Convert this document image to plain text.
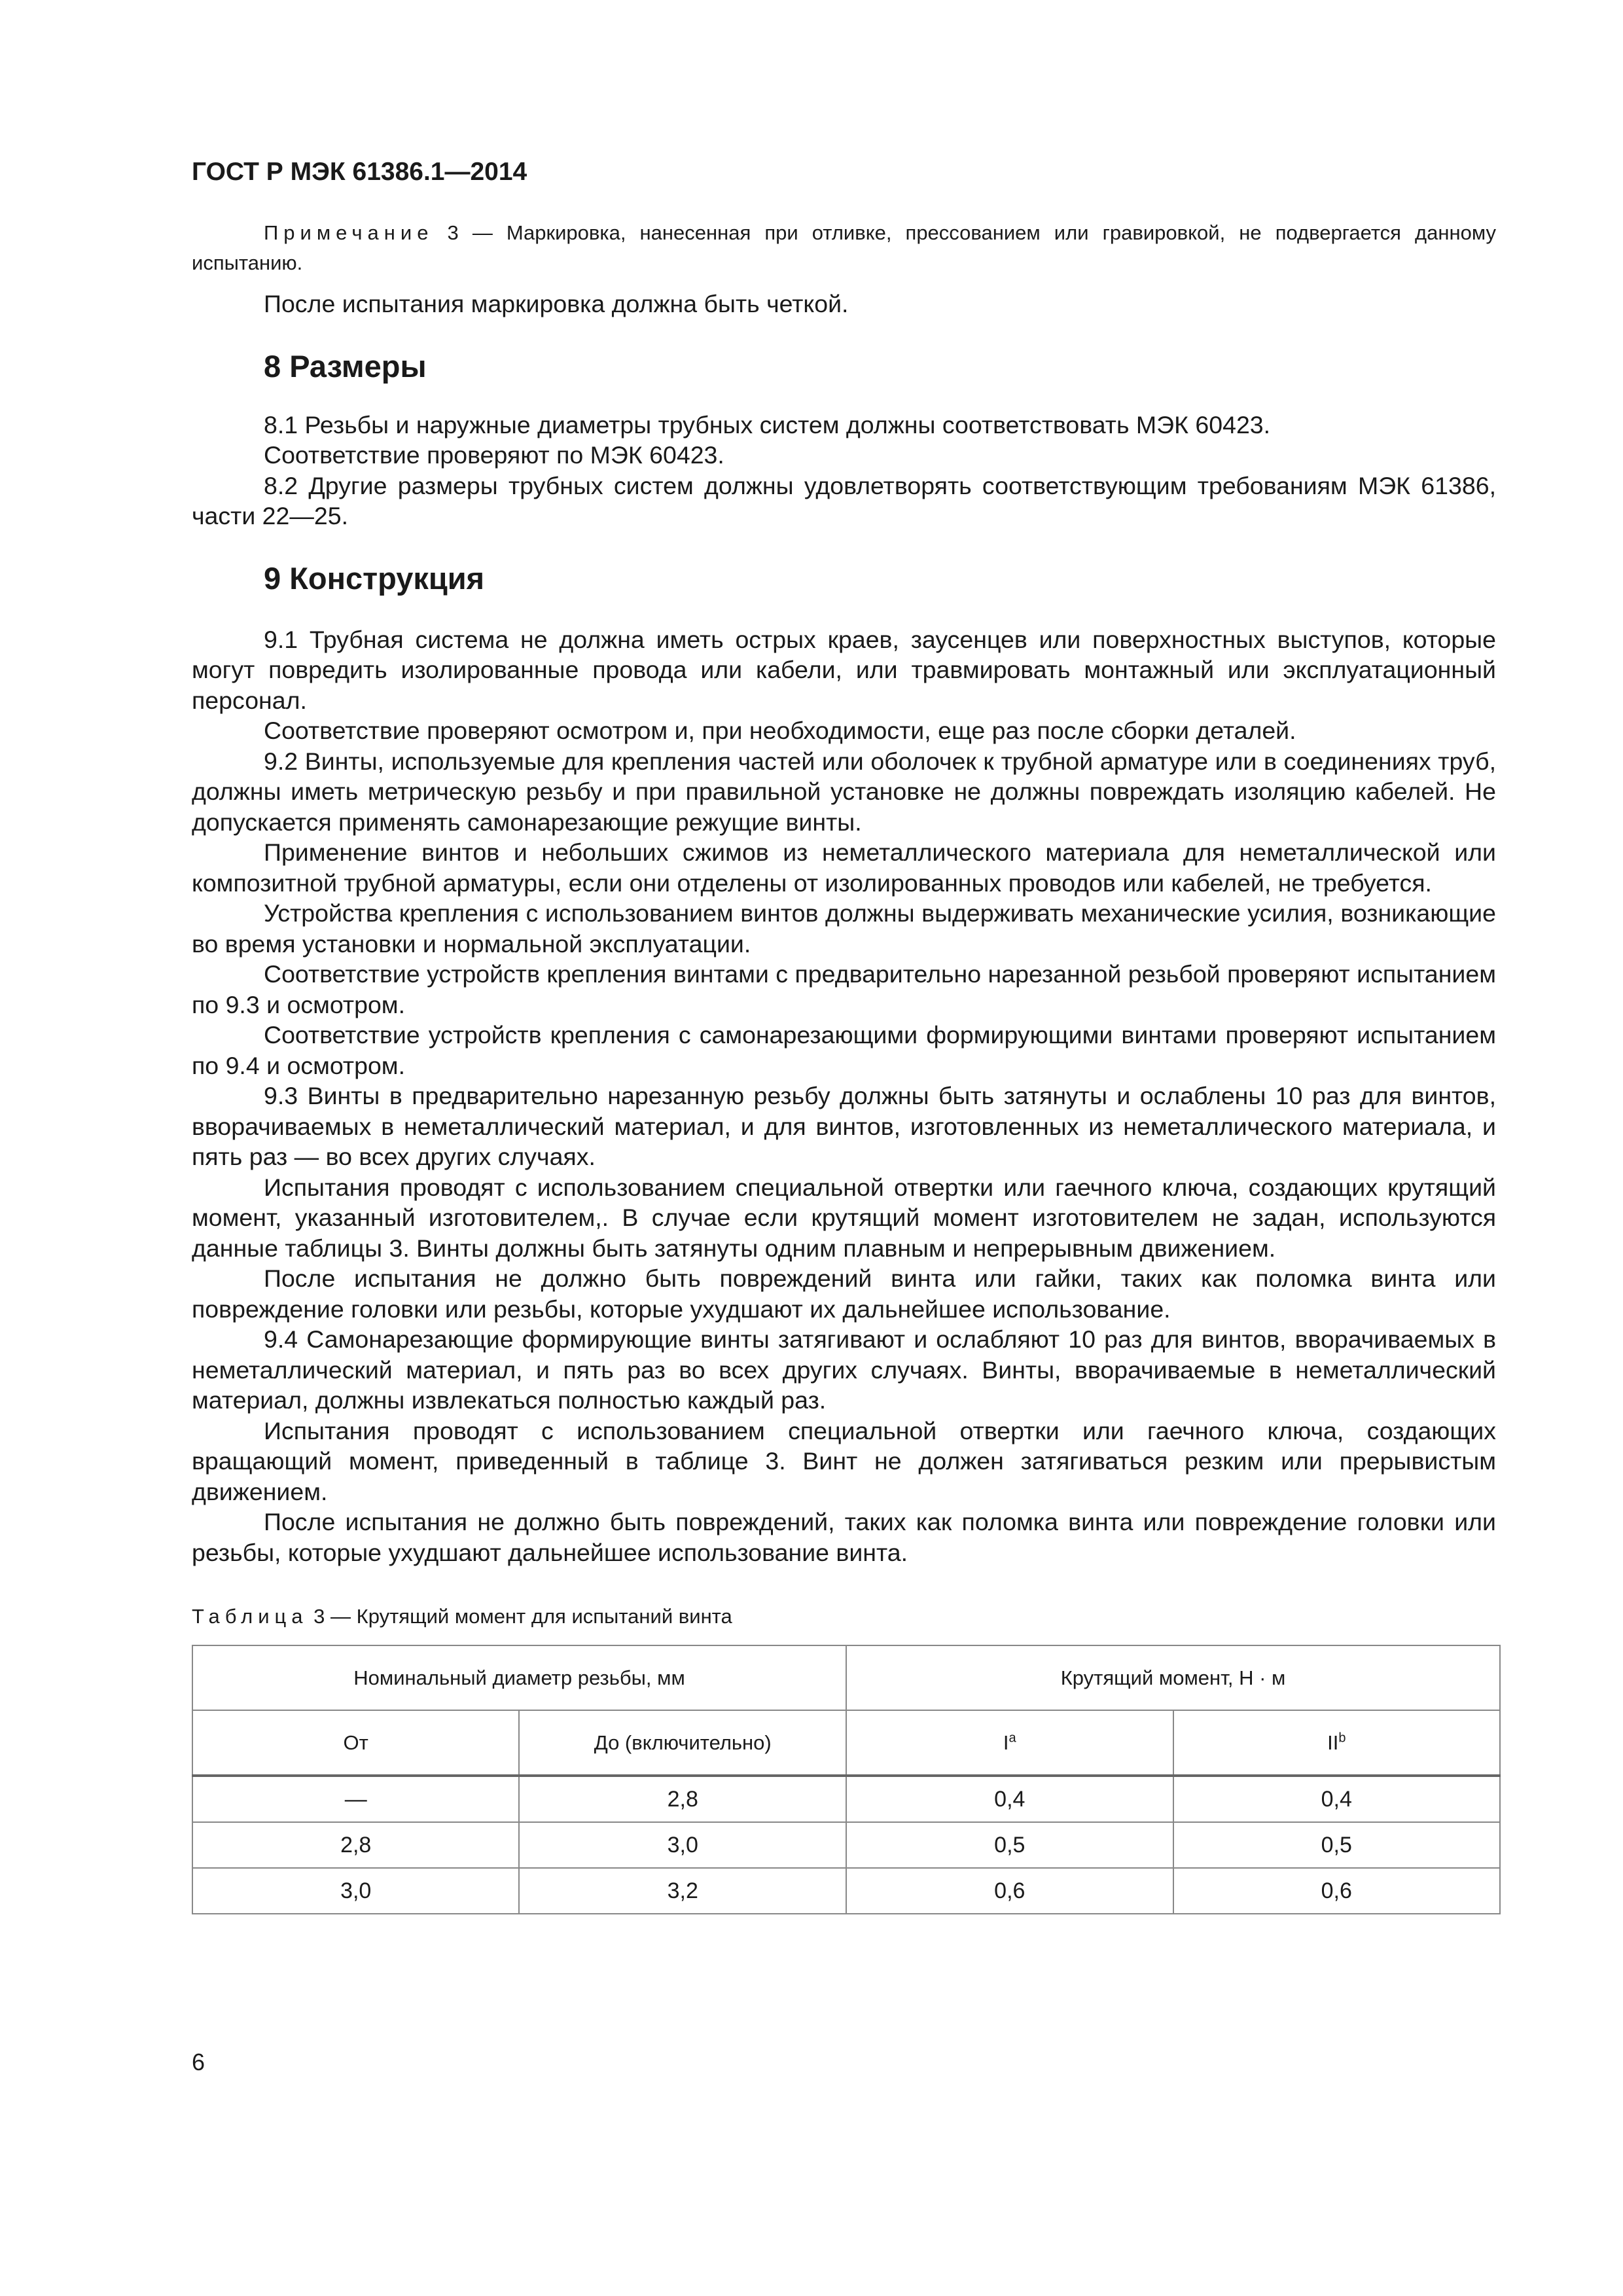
ГОСТ Р МЭК 61386.1—2014

Примечание 3 — Маркировка, нанесенная при отливке, прессованием или гравировкой, не подвергается данному испытанию.

После испытания маркировка должна быть четкой.

8 Размеры

8.1 Резьбы и наружные диаметры трубных систем должны соответствовать МЭК 60423.

Соответствие проверяют по МЭК 60423.

8.2 Другие размеры трубных систем должны удовлетворять соответствующим требованиям МЭК 61386, части 22—25.

9 Конструкция

9.1 Трубная система не должна иметь острых краев, заусенцев или поверхностных выступов, которые могут повредить изолированные провода или кабели, или травмировать монтажный или эксплуатационный персонал.

Соответствие проверяют осмотром и, при необходимости, еще раз после сборки деталей.

9.2 Винты, используемые для крепления частей или оболочек к трубной арматуре или в соединениях труб, должны иметь метрическую резьбу и при правильной установке не должны повреждать изоляцию кабелей. Не допускается применять самонарезающие режущие винты.

Применение винтов и небольших сжимов из неметаллического материала для неметаллической или композитной трубной арматуры, если они отделены от изолированных проводов или кабелей, не требуется.

Устройства крепления с использованием винтов должны выдерживать механические усилия, возникающие во время установки и нормальной эксплуатации.

Соответствие устройств крепления винтами с предварительно нарезанной резьбой проверяют испытанием по 9.3 и осмотром.

Соответствие устройств крепления с самонарезающими формирующими винтами проверяют испытанием по 9.4 и осмотром.

9.3 Винты в предварительно нарезанную резьбу должны быть затянуты и ослаблены 10 раз для винтов, вворачиваемых в неметаллический материал, и для винтов, изготовленных из неметаллического материала, и пять раз — во всех других случаях.

Испытания проводят с использованием специальной отвертки или гаечного ключа, создающих крутящий момент, указанный изготовителем,. В случае если крутящий момент изготовителем не задан, используются данные таблицы 3. Винты должны быть затянуты одним плавным и непрерывным движением.

После испытания не должно быть повреждений винта или гайки, таких как поломка винта или повреждение головки или резьбы, которые ухудшают их дальнейшее использование.

9.4 Самонарезающие формирующие винты затягивают и ослабляют 10 раз для винтов, вворачиваемых в неметаллический материал, и пять раз во всех других случаях. Винты, вворачиваемые в неметаллический материал, должны извлекаться полностью каждый раз.

Испытания проводят с использованием специальной отвертки или гаечного ключа, создающих вращающий момент, приведенный в таблице 3. Винт не должен затягиваться резким или прерывистым движением.

После испытания не должно быть повреждений, таких как поломка винта или повреждение головки или резьбы, которые ухудшают дальнейшее использование винта.

Таблица 3 — Крутящий момент для испытаний винта

Номинальный диаметр резьбы, мм		Крутящий момент, Н · м	
От	До (включительно)	$I^a$	$II^b$
—	2,8	0,4	0,4
2,8	3,0	0,5	0,5
3,0	3,2	0,6	0,6
6
